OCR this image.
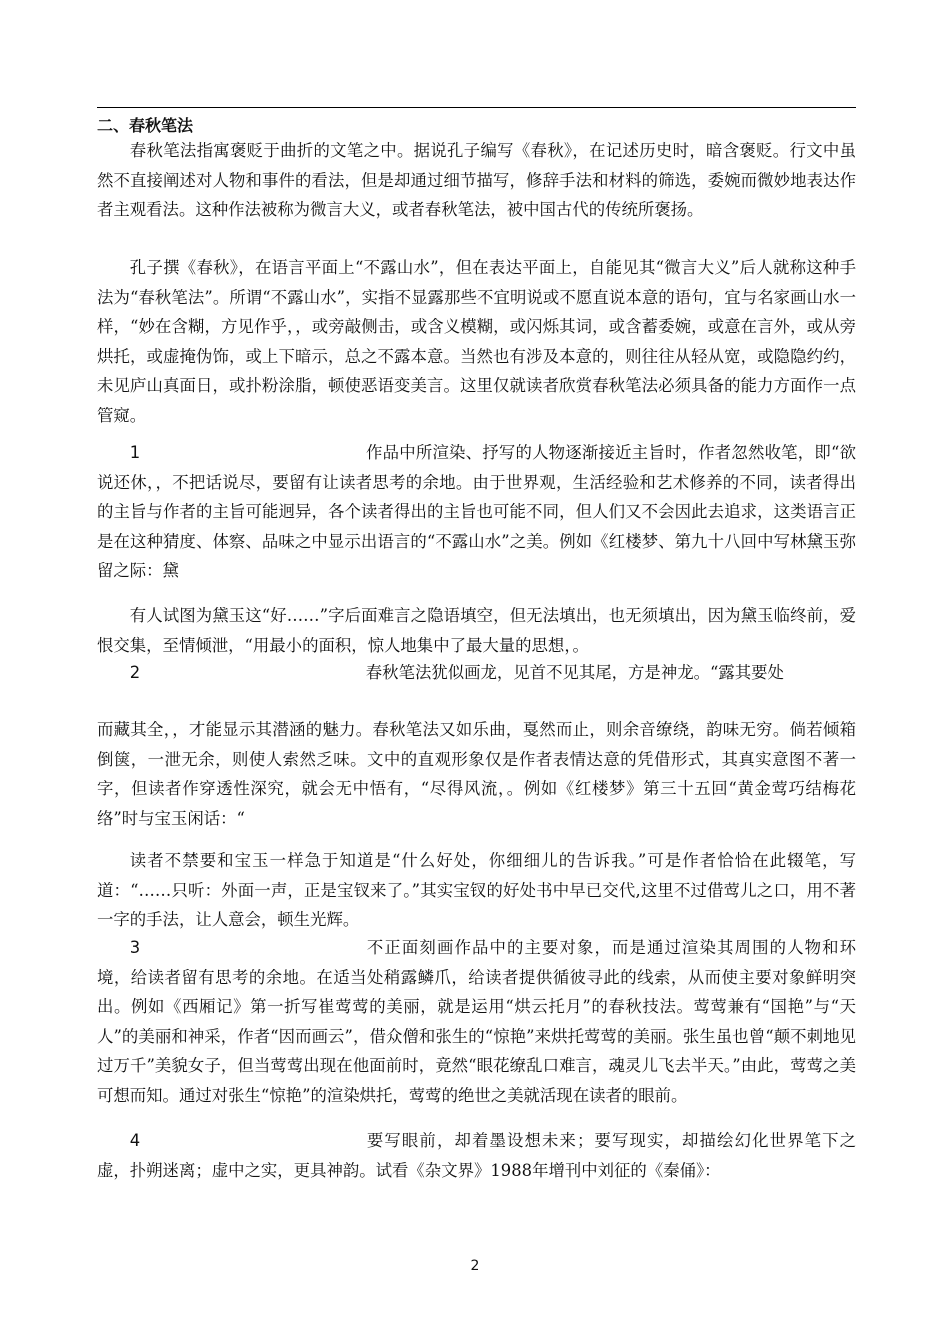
二、春秋笔法
春秋笔法指寓褒贬于曲折的文笔之中。据说孔子编写《春秋》，在记述历史时，暗含褒贬。行文中虽然不直接阐述对人物和事件的看法，但是却通过细节描写，修辞手法和材料的筛选，委婉而微妙地表达作者主观看法。这种作法被称为微言大义，或者春秋笔法，被中国古代的传统所褒扬。
孔子撰《春秋》，在语言平面上“不露山水”，但在表达平面上，自能见其“微言大义”后人就称这种手法为“春秋笔法”。所谓“不露山水”，实指不显露那些不宜明说或不愿直说本意的语句，宜与名家画山水一样，“妙在含糊，方见作乎，，或旁敲侧击，或含义模糊，或闪烁其词，或含蓄委婉，或意在言外，或从旁烘托，或虚掩伪饰，或上下暗示，总之不露本意。当然也有涉及本意的，则往往从轻从宽，或隐隐约约，未见庐山真面日，或扑粉涂脂，顿使恶语变美言。这里仅就读者欣赏春秋笔法必须具备的能力方面作一点管窥。
1	作品中所渲染、抒写的人物逐渐接近主旨时，作者忽然收笔，即“欲说还休，，不把话说尽，要留有让读者思考的余地。由于世界观，生活经验和艺术修养的不同，读者得出的主旨与作者的主旨可能迥异，各个读者得出的主旨也可能不同，但人们又不会因此去追求，这类语言正是在这种猜度、体察、品味之中显示出语言的“不露山水”之美。例如《红楼梦、第九十八回中写林黛玉弥留之际：黛
有人试图为黛玉这“好……”字后面难言之隐语填空，但无法填出，也无须填出，因为黛玉临终前，爱恨交集，至情倾泄，“用最小的面积，惊人地集中了最大量的思想，。
2	春秋笔法犹似画龙，见首不见其尾，方是神龙。“露其要处
而藏其全，，才能显示其潜涵的魅力。春秋笔法又如乐曲，戛然而止，则余音缭绕，韵味无穷。倘若倾箱倒箧，一泄无余，则使人索然乏味。文中的直观形象仅是作者表情达意的凭借形式，其真实意图不著一字，但读者作穿透性深究，就会无中悟有，“尽得风流，。例如《红楼梦》第三十五回“黄金莺巧结梅花络”时与宝玉闲话：“
读者不禁要和宝玉一样急于知道是“什么好处，你细细儿的告诉我。”可是作者恰恰在此辍笔，写道：“……只听：外面一声，正是宝钗来了。”其实宝钗的好处书中早已交代,这里不过借莺儿之口，用不著一字的手法，让人意会，顿生光辉。
3	不正面刻画作品中的主要对象，而是通过渲染其周围的人物和环境，给读者留有思考的余地。在适当处稍露鳞爪，给读者提供循彼寻此的线索，从而使主要对象鲜明突出。例如《西厢记》第一折写崔莺莺的美丽，就是运用“烘云托月”的春秋技法。莺莺兼有“国艳”与“天人”的美丽和神采，作者“因而画云”，借众僧和张生的“惊艳”来烘托莺莺的美丽。张生虽也曾“颠不刺地见过万千”美貌女子，但当莺莺出现在他面前时，竟然“眼花缭乱口难言，魂灵儿飞去半天。”由此，莺莺之美可想而知。通过对张生“惊艳”的渲染烘托，莺莺的绝世之美就活现在读者的眼前。
4	要写眼前，却着墨设想未来；要写现实，却描绘幻化世界笔下之虚，扑朔迷离；虚中之实，更具神韵。试看《杂文界》1988年增刊中刘征的《秦俑》：
2
